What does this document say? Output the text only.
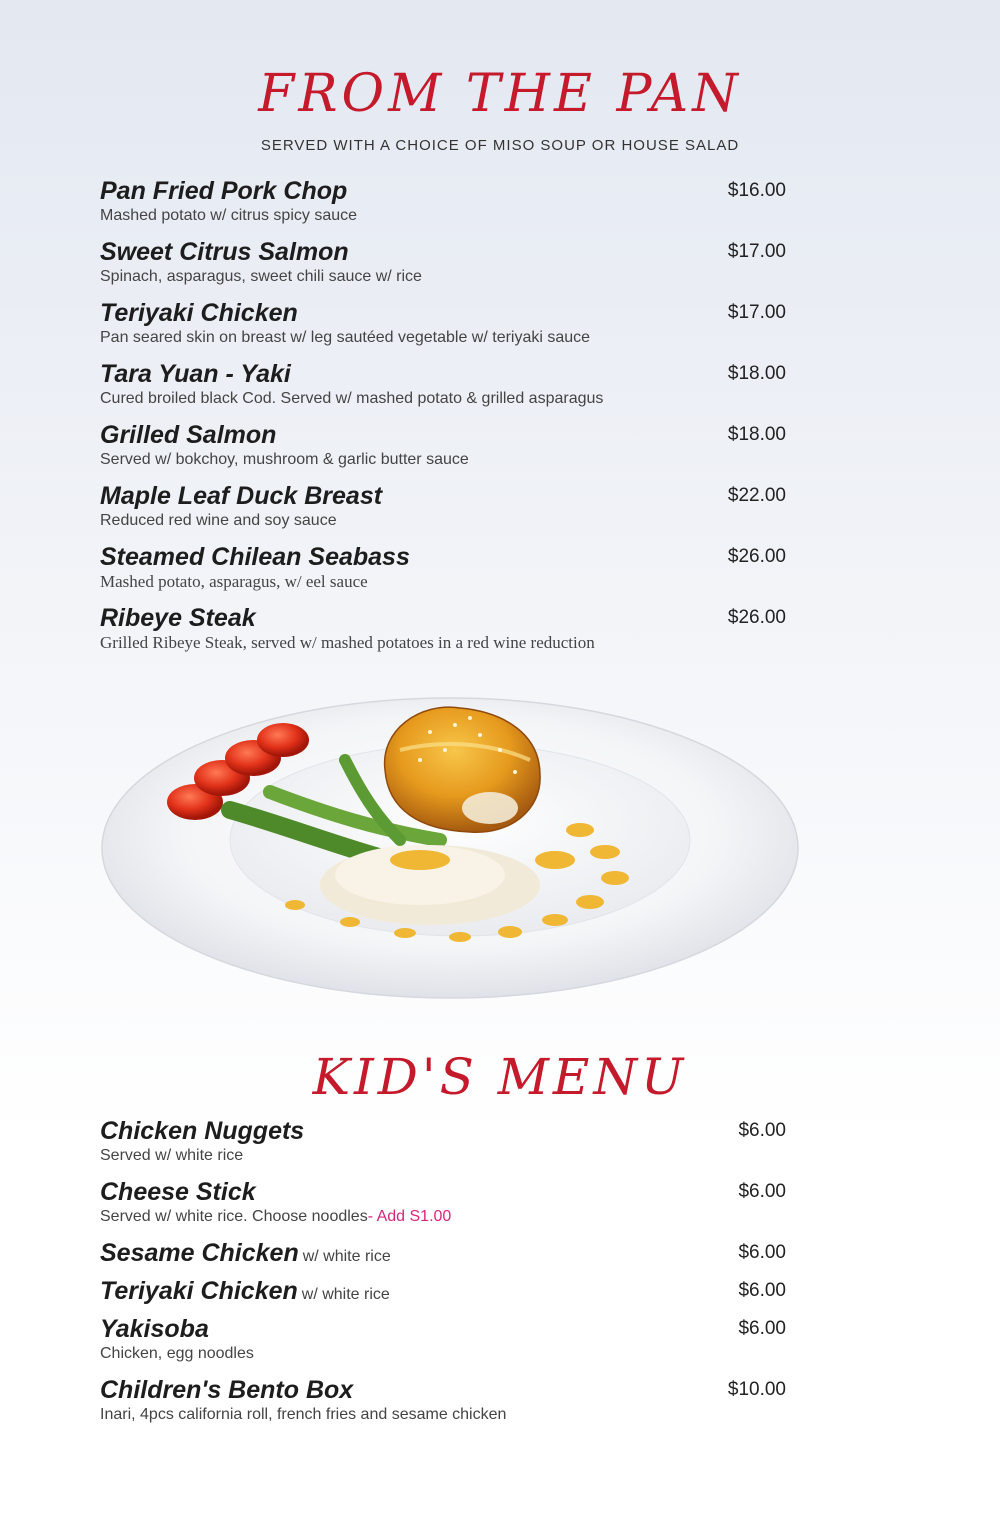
FROM THE PAN
SERVED WITH A CHOICE OF MISO SOUP OR HOUSE SALAD
Pan Fried Pork Chop
Mashed potato w/ citrus spicy sauce
$16.00
Sweet Citrus Salmon
Spinach, asparagus, sweet chili sauce w/ rice
$17.00
Teriyaki Chicken
Pan seared skin on breast w/ leg sautéed vegetable w/ teriyaki sauce
$17.00
Tara Yuan - Yaki
Cured broiled black Cod. Served w/ mashed potato & grilled asparagus
$18.00
Grilled Salmon
Served w/ bokchoy, mushroom & garlic butter sauce
$18.00
Maple Leaf Duck Breast
Reduced red wine and soy sauce
$22.00
Steamed Chilean Seabass
Mashed potato, asparagus, w/ eel sauce
$26.00
Ribeye Steak
Grilled Ribeye Steak, served w/ mashed potatoes in a red wine reduction
$26.00
KID'S MENU
Chicken Nuggets
Served w/ white rice
$6.00
Cheese Stick
Served w/ white rice. Choose noodles- Add S1.00
$6.00
Sesame Chicken w/ white rice	$6.00
Teriyaki Chicken w/ white rice	$6.00
Yakisoba
Chicken, egg noodles
$6.00
Children's Bento Box
Inari, 4pcs california roll, french fries and sesame chicken
$10.00
